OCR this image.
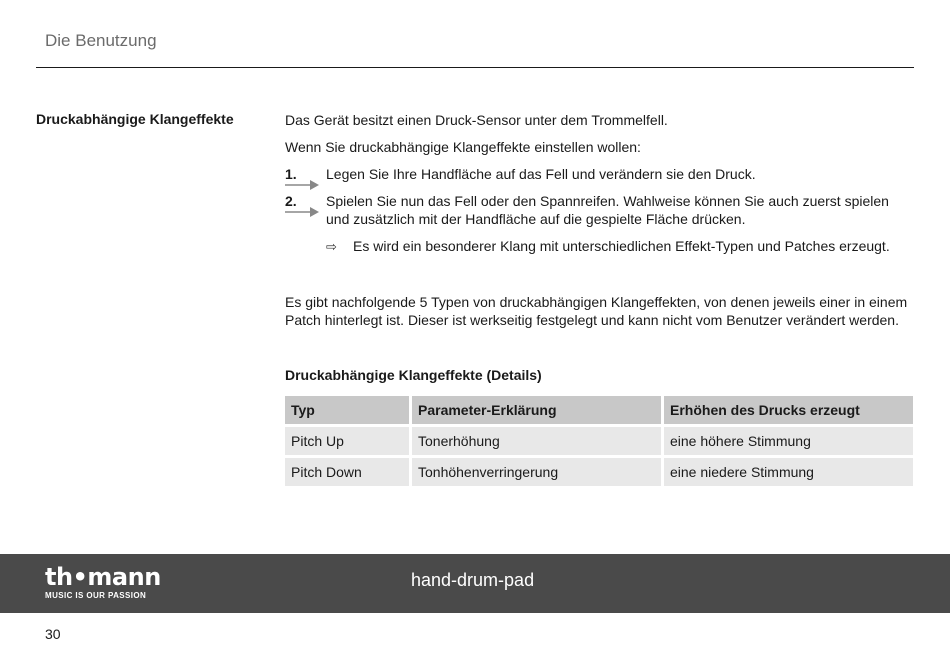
Die Benutzung
Druckabhängige Klangeffekte	Das Gerät besitzt einen Druck-Sensor unter dem Trommelfell.

Wenn Sie druckabhängige Klangeffekte einstellen wollen:

1. Legen Sie Ihre Handfläche auf das Fell und verändern sie den Druck.
2. Spielen Sie nun das Fell oder den Spannreifen. Wahlweise können Sie auch zuerst spielen und zusätzlich mit der Handfläche auf die gespielte Fläche drücken.
⇨ Es wird ein besonderer Klang mit unterschiedlichen Effekt-Typen und Patches erzeugt.

Es gibt nachfolgende 5 Typen von druckabhängigen Klangeffekten, von denen jeweils einer in einem Patch hinterlegt ist. Dieser ist werkseitig festgelegt und kann nicht vom Benutzer verändert werden.

Druckabhängige Klangeffekte (Details)
Typ	Parameter-Erklärung	Erhöhen des Drucks erzeugt
Pitch Up	Tonerhöhung	eine höhere Stimmung
Pitch Down	Tonhöhenverringerung	eine niedere Stimmung
th•mann
MUSIC IS OUR PASSION
hand-drum-pad
30
